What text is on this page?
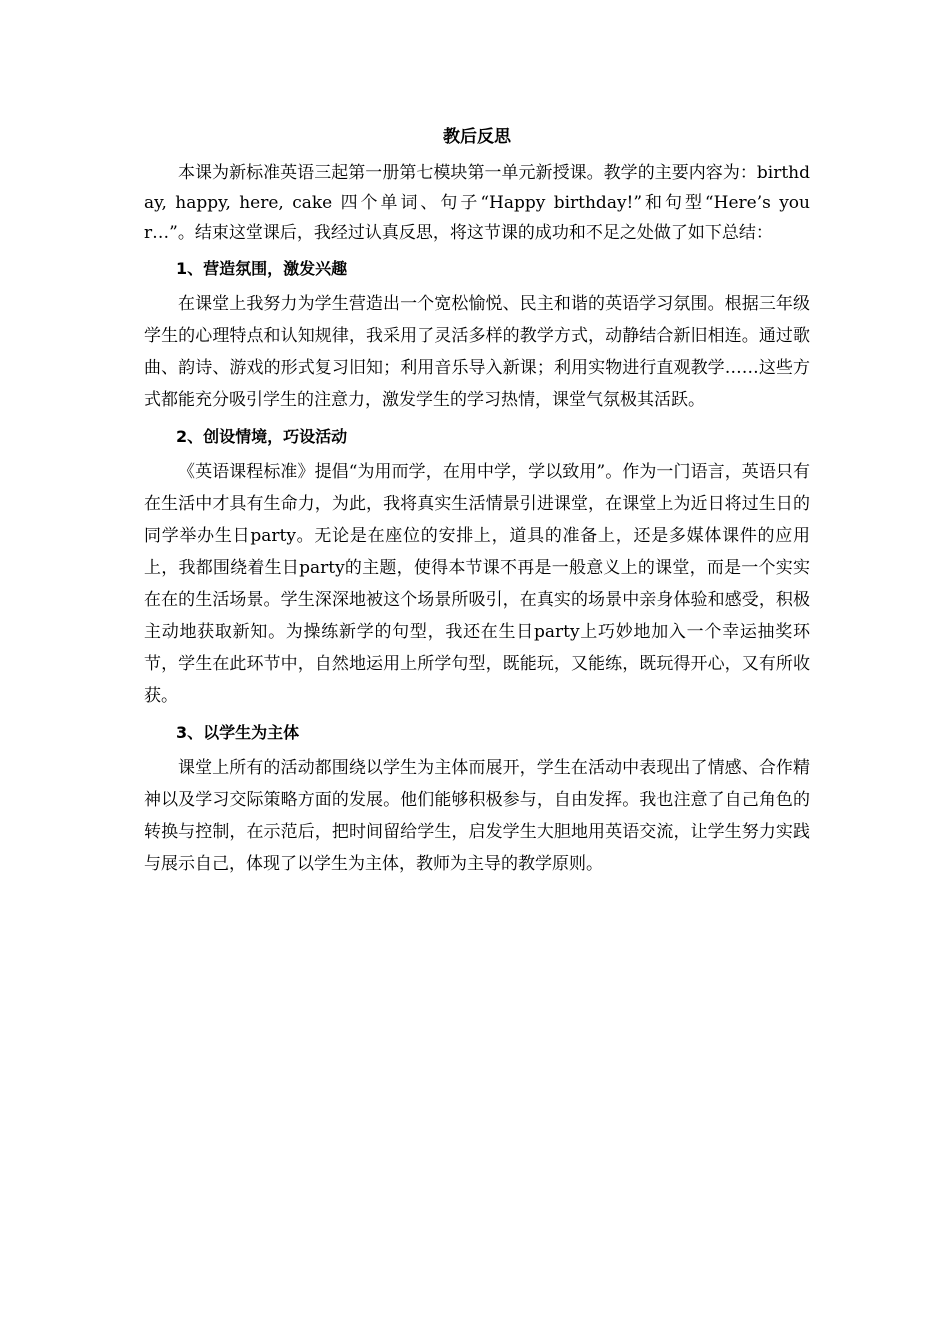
教后反思

本课为新标准英语三起第一册第七模块第一单元新授课。教学的主要内容为：birthday, happy, here, cake 四个单词、句子“Happy birthday!”和句型“Here’s your…”。结束这堂课后，我经过认真反思，将这节课的成功和不足之处做了如下总结：

1、营造氛围，激发兴趣

在课堂上我努力为学生营造出一个宽松愉悦、民主和谐的英语学习氛围。根据三年级学生的心理特点和认知规律，我采用了灵活多样的教学方式，动静结合新旧相连。通过歌曲、韵诗、游戏的形式复习旧知；利用音乐导入新课；利用实物进行直观教学……这些方式都能充分吸引学生的注意力，激发学生的学习热情，课堂气氛极其活跃。

2、创设情境，巧设活动

《英语课程标准》提倡“为用而学，在用中学，学以致用”。作为一门语言，英语只有在生活中才具有生命力，为此，我将真实生活情景引进课堂，在课堂上为近日将过生日的同学举办生日party。无论是在座位的安排上，道具的准备上，还是多媒体课件的应用上，我都围绕着生日party的主题，使得本节课不再是一般意义上的课堂，而是一个实实在在的生活场景。学生深深地被这个场景所吸引，在真实的场景中亲身体验和感受，积极主动地获取新知。为操练新学的句型，我还在生日party上巧妙地加入一个幸运抽奖环节，学生在此环节中，自然地运用上所学句型，既能玩，又能练，既玩得开心，又有所收获。

3、以学生为主体

课堂上所有的活动都围绕以学生为主体而展开，学生在活动中表现出了情感、合作精神以及学习交际策略方面的发展。他们能够积极参与，自由发挥。我也注意了自己角色的转换与控制，在示范后，把时间留给学生，启发学生大胆地用英语交流，让学生努力实践与展示自己，体现了以学生为主体，教师为主导的教学原则。
